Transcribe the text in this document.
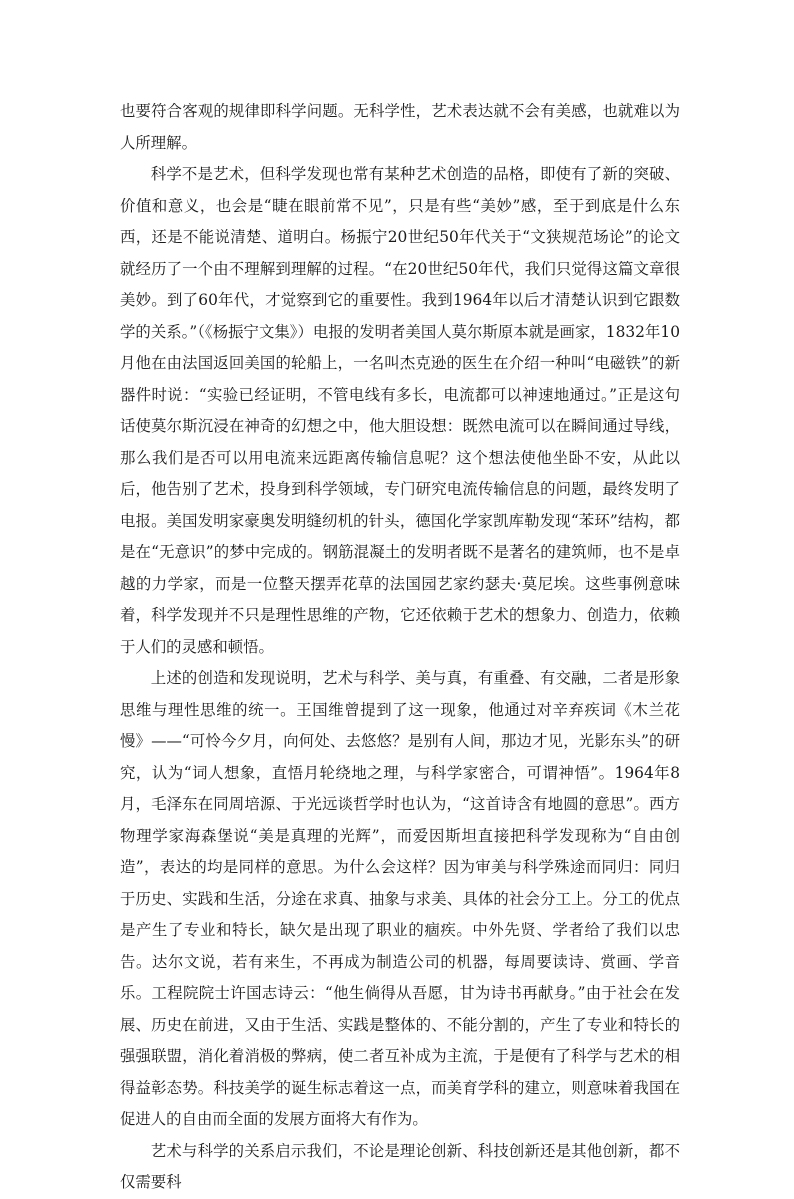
也要符合客观的规律即科学问题。无科学性，艺术表达就不会有美感，也就难以为人所理解。

科学不是艺术，但科学发现也常有某种艺术创造的品格，即使有了新的突破、价值和意义，也会是“睫在眼前常不见”，只是有些“美妙”感，至于到底是什么东西，还是不能说清楚、道明白。杨振宁20世纪50年代关于“文狭规范场论”的论文就经历了一个由不理解到理解的过程。“在20世纪50年代，我们只觉得这篇文章很美妙。到了60年代，才觉察到它的重要性。我到1964年以后才清楚认识到它跟数学的关系。”（《杨振宁文集》）电报的发明者美国人莫尔斯原本就是画家，1832年10月他在由法国返回美国的轮船上，一名叫杰克逊的医生在介绍一种叫“电磁铁”的新器件时说：“实验已经证明，不管电线有多长，电流都可以神速地通过。”正是这句话使莫尔斯沉浸在神奇的幻想之中，他大胆设想：既然电流可以在瞬间通过导线，那么我们是否可以用电流来远距离传输信息呢？这个想法使他坐卧不安，从此以后，他告别了艺术，投身到科学领域，专门研究电流传输信息的问题，最终发明了电报。美国发明家豪奥发明缝纫机的针头，德国化学家凯库勒发现“苯环”结构，都是在“无意识”的梦中完成的。钢筋混凝土的发明者既不是著名的建筑师，也不是卓越的力学家，而是一位整天摆弄花草的法国园艺家约瑟夫·莫尼埃。这些事例意味着，科学发现并不只是理性思维的产物，它还依赖于艺术的想象力、创造力，依赖于人们的灵感和顿悟。

上述的创造和发现说明，艺术与科学、美与真，有重叠、有交融，二者是形象思维与理性思维的统一。王国维曾提到了这一现象，他通过对辛弃疾词《木兰花慢》——“可怜今夕月，向何处、去悠悠？是别有人间，那边才见，光影东头”的研究，认为“词人想象，直悟月轮绕地之理，与科学家密合，可谓神悟”。1964年8月，毛泽东在同周培源、于光远谈哲学时也认为，“这首诗含有地圆的意思”。西方物理学家海森堡说“美是真理的光辉”，而爱因斯坦直接把科学发现称为“自由创造”，表达的均是同样的意思。为什么会这样？因为审美与科学殊途而同归：同归于历史、实践和生活，分途在求真、抽象与求美、具体的社会分工上。分工的优点是产生了专业和特长，缺欠是出现了职业的痼疾。中外先贤、学者给了我们以忠告。达尔文说，若有来生，不再成为制造公司的机器，每周要读诗、赏画、学音乐。工程院院士许国志诗云：“他生倘得从吾愿，甘为诗书再献身。”由于社会在发展、历史在前进，又由于生活、实践是整体的、不能分割的，产生了专业和特长的强强联盟，消化着消极的弊病，使二者互补成为主流，于是便有了科学与艺术的相得益彰态势。科技美学的诞生标志着这一点，而美育学科的建立，则意味着我国在促进人的自由而全面的发展方面将大有作为。

艺术与科学的关系启示我们，不论是理论创新、科技创新还是其他创新，都不仅需要科
